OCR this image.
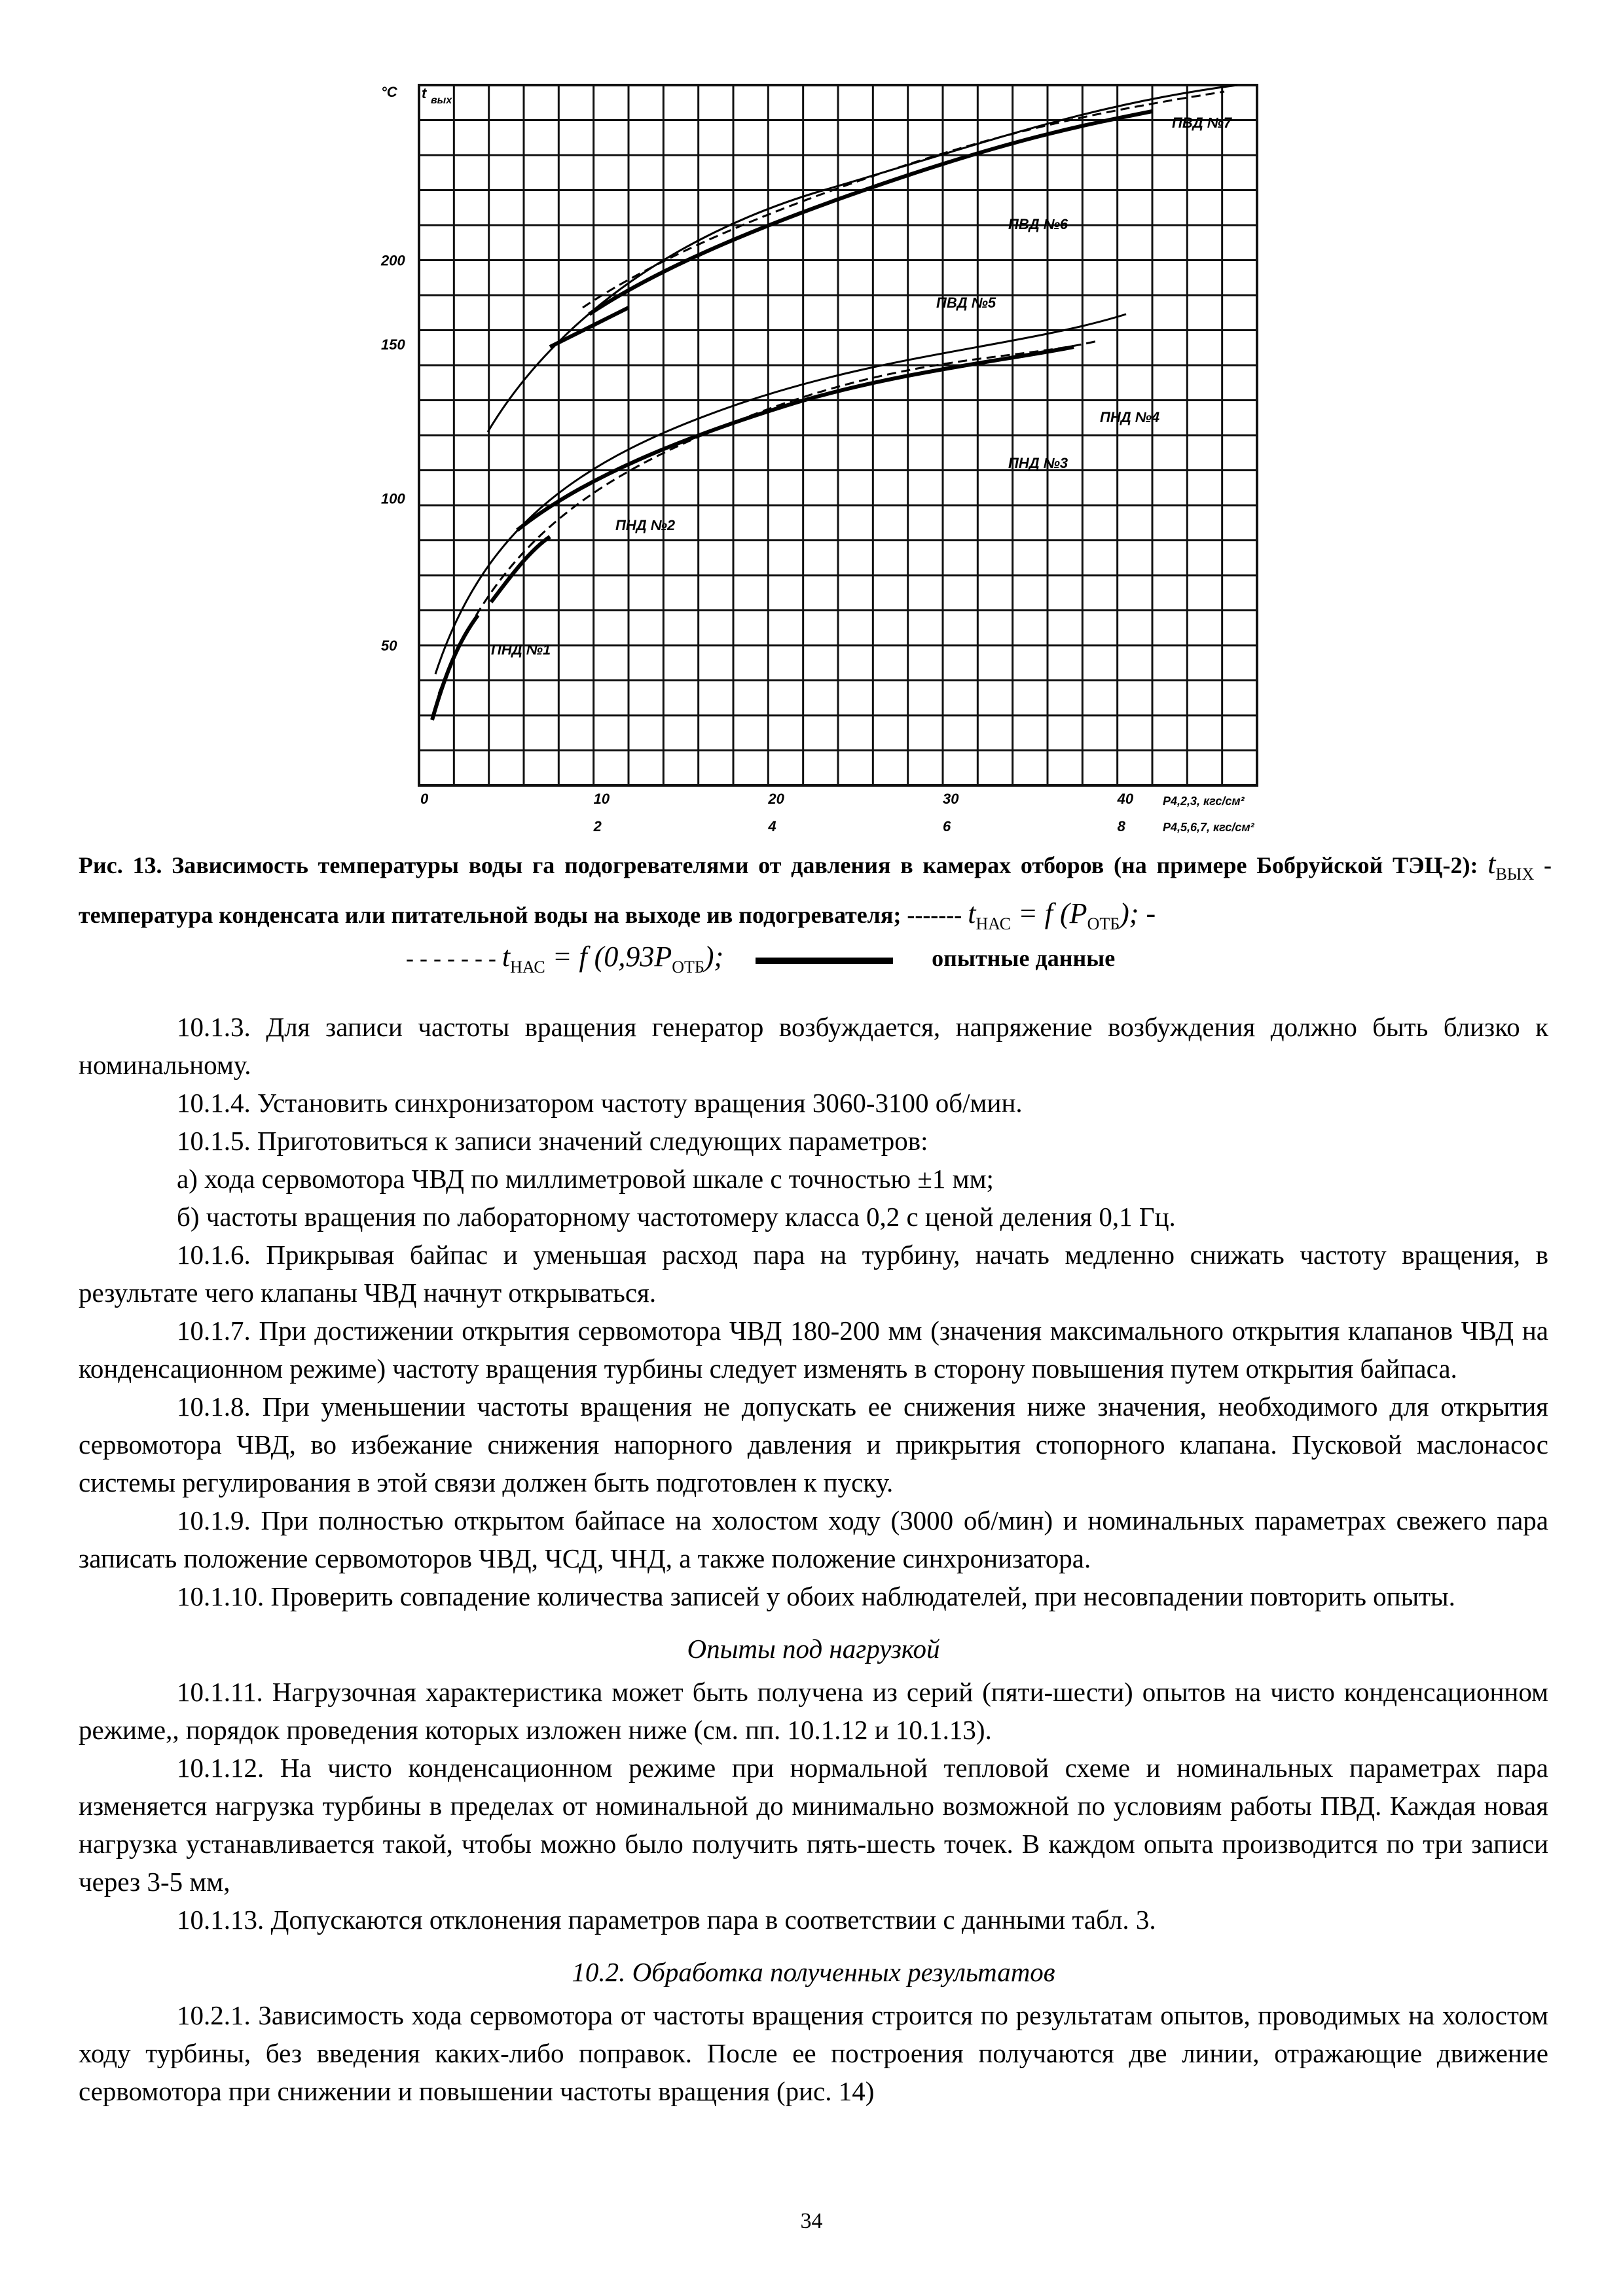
°C t вых
200
150
100
50
0	10	20	30	40
2	4	6	8
P4,2,3, кгс/см²
P4,5,6,7, кгс/см²
ПВД №7
ПВД №6
ПВД №5
ПНД №4
ПНД №3
ПНД №2
ПНД №1
Рис. 13. Зависимость температуры воды га подогревателями от давления в камерах отборов (на примере Бобруйской ТЭЦ-2): $t_{ВЫХ}$ - температура конденсата или питательной воды на выходе ив подогревателя; ------- $t_{НАС} = f$ $(P_{ОТБ})$; -
- - - - - - - $t_{НАС} = f$ $(0,93P_{ОТБ})$;	опытные данные

10.1.3. Для записи частоты вращения генератор возбуждается, напряжение возбуждения должно быть близко к номинальному.

10.1.4. Установить синхронизатором частоту вращения 3060-3100 об/мин.

10.1.5. Приготовиться к записи значений следующих параметров:

а) хода сервомотора ЧВД по миллиметровой шкале с точностью ±1 мм;

б) частоты вращения по лабораторному частотомеру класса 0,2 с ценой деления 0,1 Гц.

10.1.6. Прикрывая байпас и уменьшая расход пара на турбину, начать медленно снижать частоту вращения, в результате чего клапаны ЧВД начнут открываться.

10.1.7. При достижении открытия сервомотора ЧВД 180-200 мм (значения максимального открытия клапанов ЧВД на конденсационном режиме) частоту вращения турбины следует изменять в сторону повышения путем открытия байпаса.

10.1.8. При уменьшении частоты вращения не допускать ее снижения ниже значения, необходимого для открытия сервомотора ЧВД, во избежание снижения напорного давления и прикрытия стопорного клапана. Пусковой маслонасос системы регулирования в этой связи должен быть подготовлен к пуску.

10.1.9. При полностью открытом байпасе на холостом ходу (3000 об/мин) и номинальных параметрах свежего пара записать положение сервомоторов ЧВД, ЧСД, ЧНД, а также положение синхронизатора.

10.1.10. Проверить совпадение количества записей у обоих наблюдателей, при несовпадении повторить опыты.

Опыты под нагрузкой

10.1.11. Нагрузочная характеристика может быть получена из серий (пяти-шести) опытов на чисто конденсационном режиме,, порядок проведения которых изложен ниже (см. пп. 10.1.12 и 10.1.13).

10.1.12. На чисто конденсационном режиме при нормальной тепловой схеме и номинальных параметрах пара изменяется нагрузка турбины в пределах от номинальной до минимально возможной по условиям работы ПВД. Каждая новая нагрузка устанавливается такой, чтобы можно было получить пять-шесть точек. В каждом опыта производится по три записи через 3-5 мм,

10.1.13. Допускаются отклонения параметров пара в соответствии с данными табл. 3.

10.2. Обработка полученных результатов

10.2.1. Зависимость хода сервомотора от частоты вращения строится по результатам опытов, проводимых на холостом ходу турбины, без введения каких-либо поправок. После ее построения получаются две линии, отражающие движение сервомотора при снижении и повышении частоты вращения (рис. 14)

34
